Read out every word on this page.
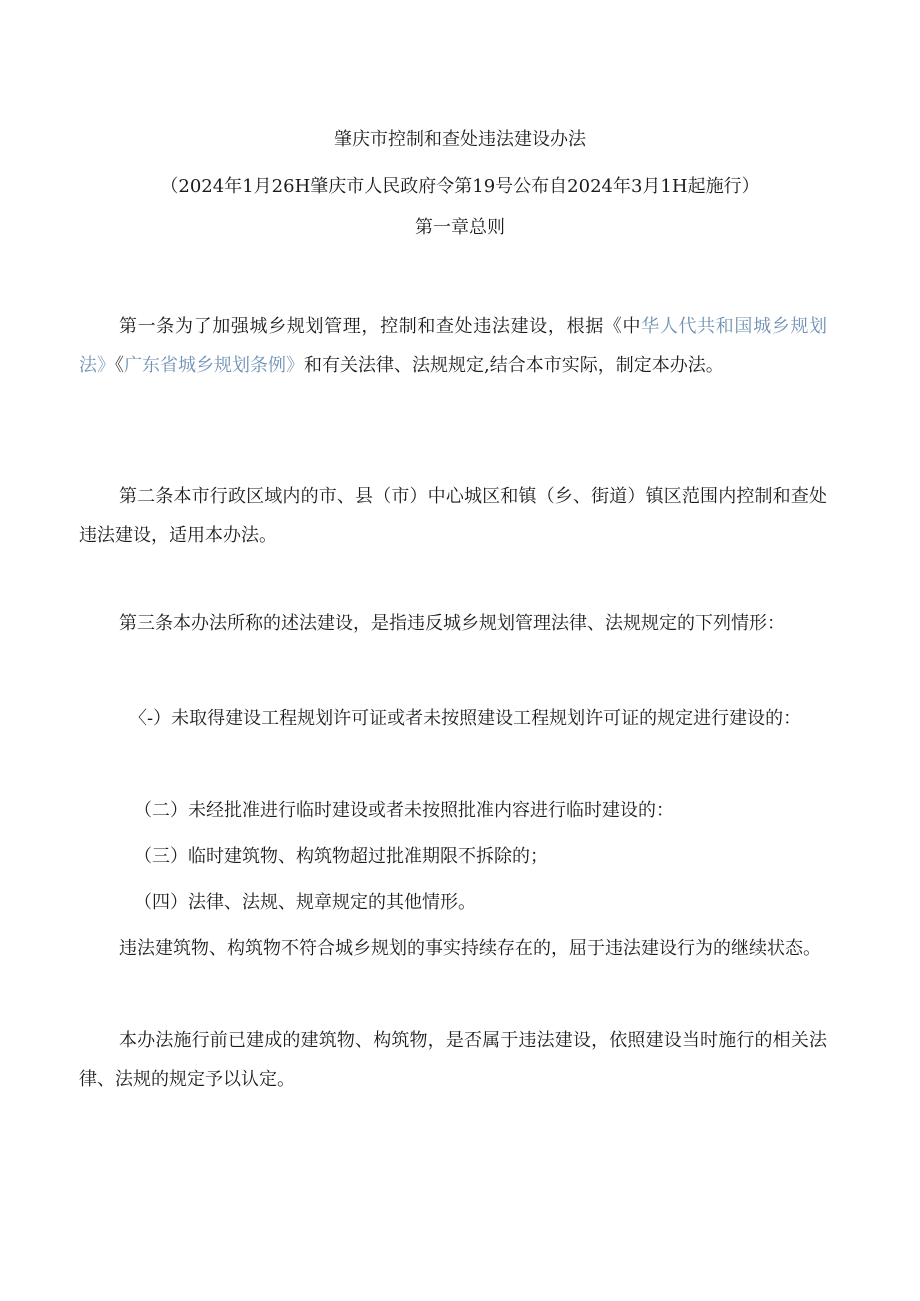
肇庆市控制和查处违法建设办法
（2024年1月26H肇庆市人民政府令第19号公布自2024年3月1H起施行）
第一章总则
第一条为了加强城乡规划管理，控制和查处违法建设，根据《中华人代共和国城乡规划法》《广东省城乡规划条例》和有关法律、法规规定,结合本市实际，制定本办法。
第二条本市行政区域内的市、县（市）中心城区和镇（乡、街道）镇区范围内控制和查处违法建设，适用本办法。
第三条本办法所称的述法建设，是指违反城乡规划管理法律、法规规定的下列情形：
〈-）未取得建设工程规划许可证或者未按照建设工程规划许可证的规定进行建设的：
（二）未经批准进行临时建设或者未按照批准内容进行临时建设的：
（三）临时建筑物、构筑物超过批准期限不拆除的；
（四）法律、法规、规章规定的其他情形。
违法建筑物、构筑物不符合城乡规划的事实持续存在的，屈于违法建设行为的继续状态。
本办法施行前已建成的建筑物、构筑物，是否属于违法建设，依照建设当时施行的相关法律、法规的规定予以认定。
